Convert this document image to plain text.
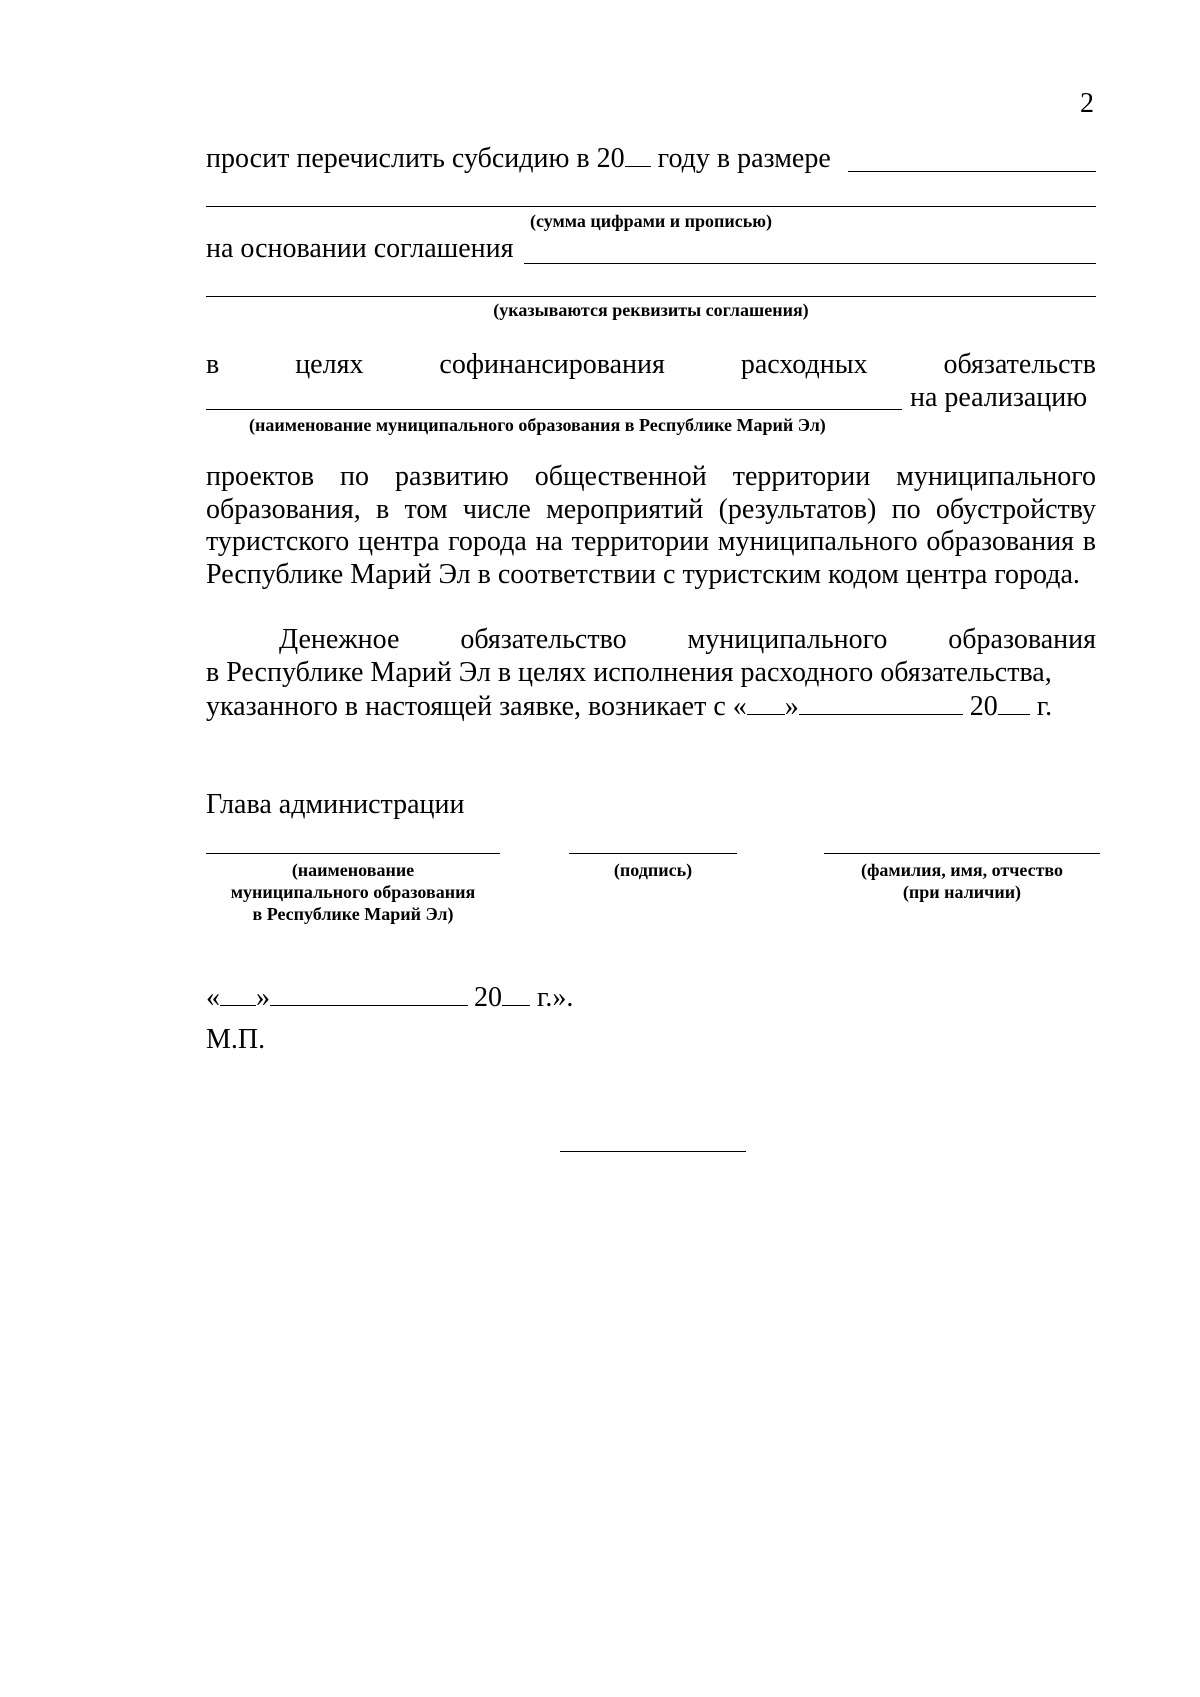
2
просит перечислить субсидию в 20 году в размере
(сумма цифрами и прописью)
на основании соглашения
(указываются реквизиты соглашения)
в	целях	софинансирования	расходных	обязательств
на реализацию
(наименование муниципального образования в Республике Марий Эл)
проектов по развитию общественной территории муниципального образования, в том числе мероприятий (результатов) по обустройству туристского центра города на территории муниципального образования в Республике Марий Эл в соответствии с туристским кодом центра города.
Денежное обязательство муниципального образования
в Республике Марий Эл в целях исполнения расходного обязательства,
указанного в настоящей заявке, возникает с « »	20 г.
Глава администрации
(наименование
муниципального образования
в Республике Марий Эл)
(подпись)	(фамилия, имя, отчество
(при наличии)
« »	20 г.».
М.П.
